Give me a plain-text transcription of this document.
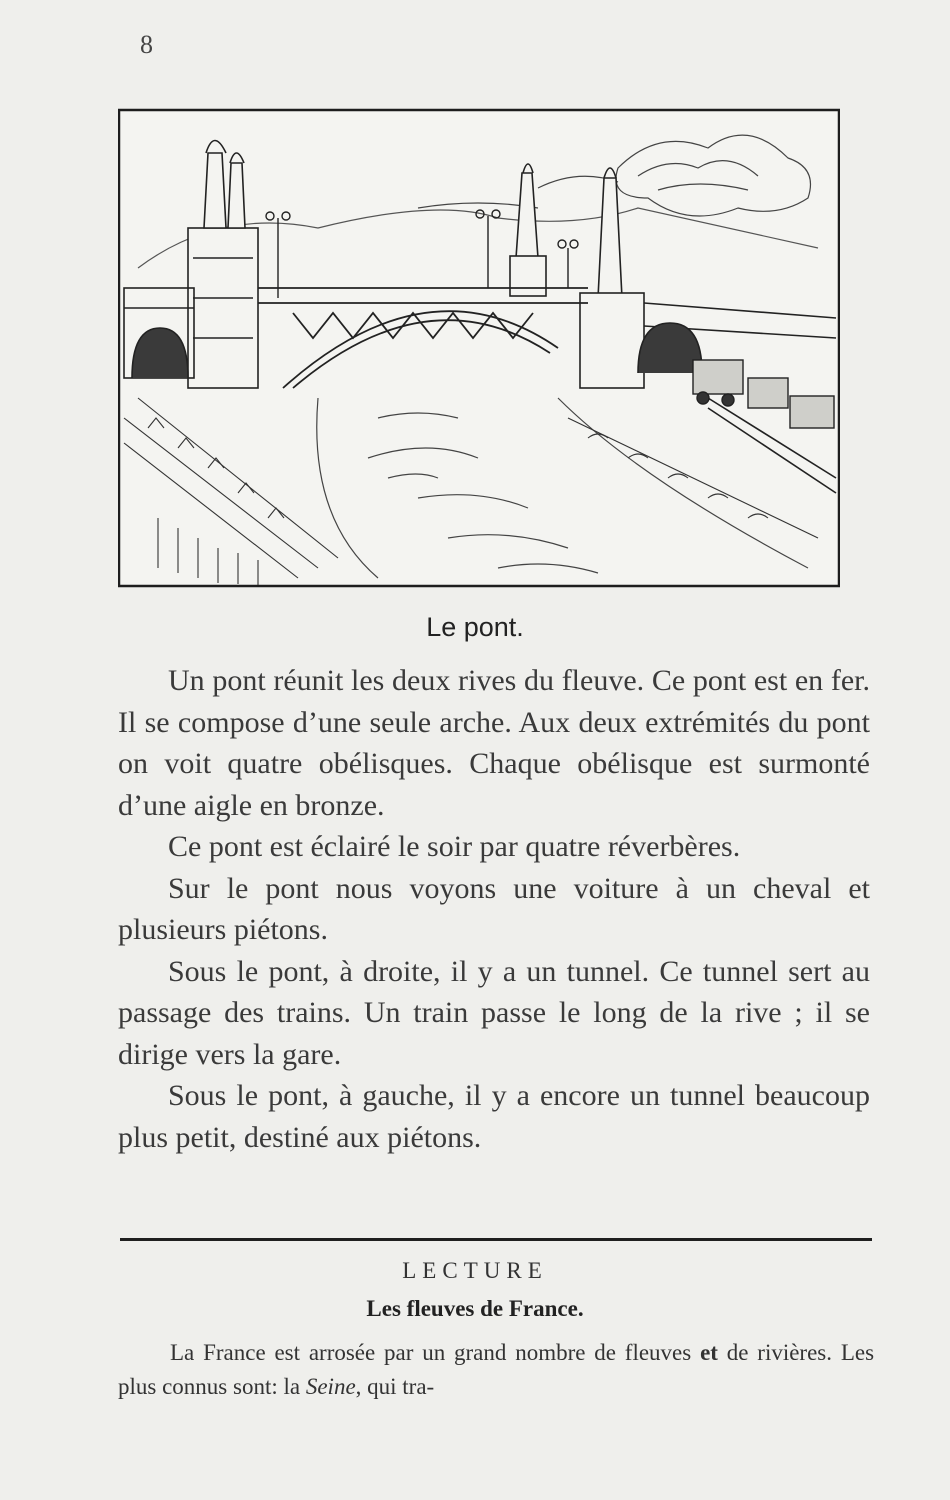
8
Le pont.

Un pont réunit les deux rives du fleuve. Ce pont est en fer. Il se compose d’une seule arche. Aux deux extrémités du pont on voit quatre obélisques. Chaque obélisque est surmonté d’une aigle en bronze.

Ce pont est éclairé le soir par quatre réverbères.

Sur le pont nous voyons une voiture à un cheval et plusieurs piétons.

Sous le pont, à droite, il y a un tunnel. Ce tunnel sert au passage des trains. Un train passe le long de la rive ; il se dirige vers la gare.

Sous le pont, à gauche, il y a encore un tunnel beaucoup plus petit, destiné aux piétons.

LECTURE
Les fleuves de France.

La France est arrosée par un grand nombre de fleuves et de rivières. Les plus connus sont: la Seine, qui tra-
